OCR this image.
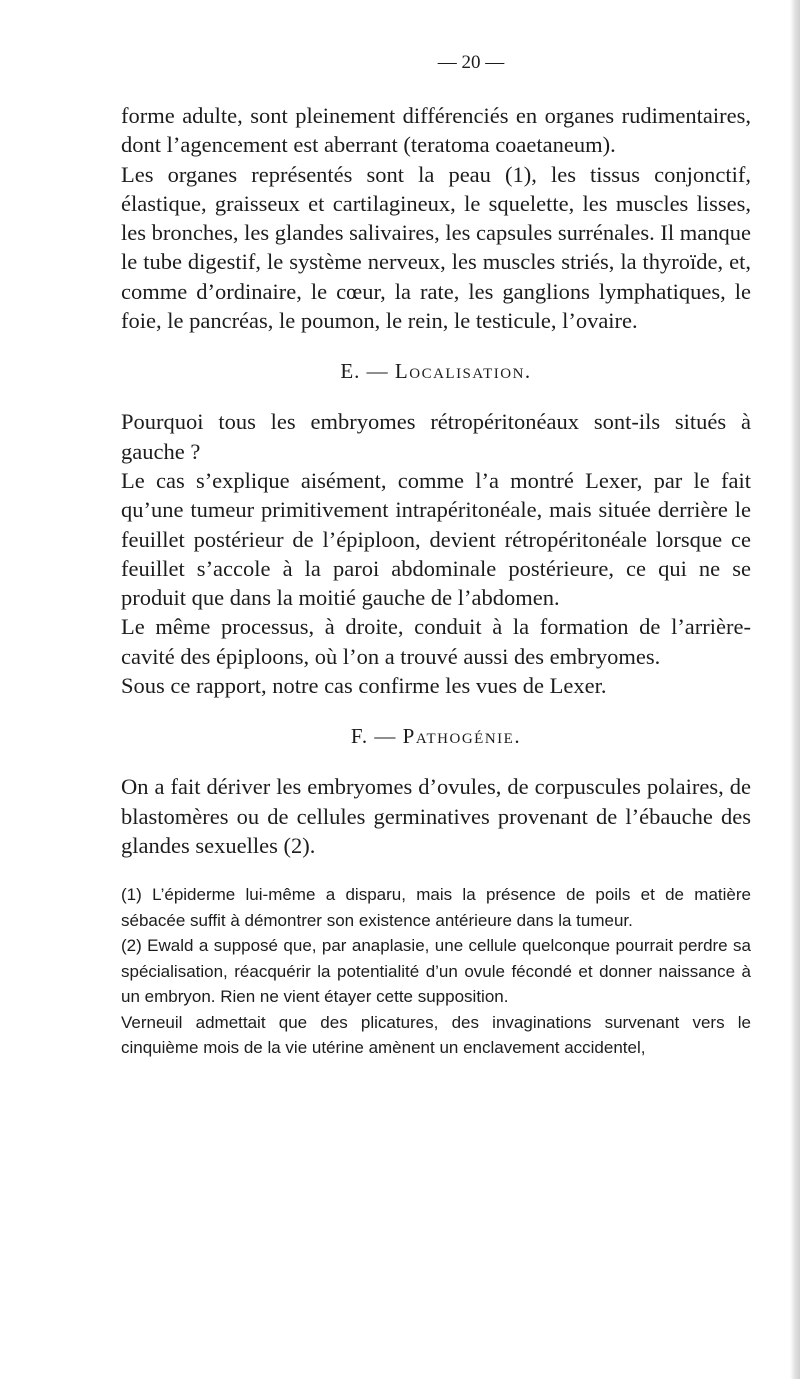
— 20 —

forme adulte, sont pleinement différenciés en organes rudimentaires, dont l’agencement est aberrant (teratoma coaetaneum).

Les organes représentés sont la peau (1), les tissus conjonctif, élastique, graisseux et cartilagineux, le squelette, les muscles lisses, les bronches, les glandes salivaires, les capsules surrénales. Il manque le tube digestif, le système nerveux, les muscles striés, la thyroïde, et, comme d’ordinaire, le cœur, la rate, les ganglions lymphatiques, le foie, le pancréas, le poumon, le rein, le testicule, l’ovaire.

E. — Localisation.

Pourquoi tous les embryomes rétropéritonéaux sont-ils situés à gauche ?

Le cas s’explique aisément, comme l’a montré Lexer, par le fait qu’une tumeur primitivement intrapéritonéale, mais située derrière le feuillet postérieur de l’épiploon, devient rétropéritonéale lorsque ce feuillet s’accole à la paroi abdominale postérieure, ce qui ne se produit que dans la moitié gauche de l’abdomen.

Le même processus, à droite, conduit à la formation de l’arrière-cavité des épiploons, où l’on a trouvé aussi des embryomes.

Sous ce rapport, notre cas confirme les vues de Lexer.

F. — Pathogénie.

On a fait dériver les embryomes d’ovules, de corpuscules polaires, de blastomères ou de cellules germinatives provenant de l’ébauche des glandes sexuelles (2).

(1) L’épiderme lui-même a disparu, mais la présence de poils et de matière sébacée suffit à démontrer son existence antérieure dans la tumeur.

(2) Ewald a supposé que, par anaplasie, une cellule quelconque pourrait perdre sa spécialisation, réacquérir la potentialité d’un ovule fécondé et donner naissance à un embryon. Rien ne vient étayer cette supposition.

Verneuil admettait que des plicatures, des invaginations survenant vers le cinquième mois de la vie utérine amènent un enclavement accidentel,
